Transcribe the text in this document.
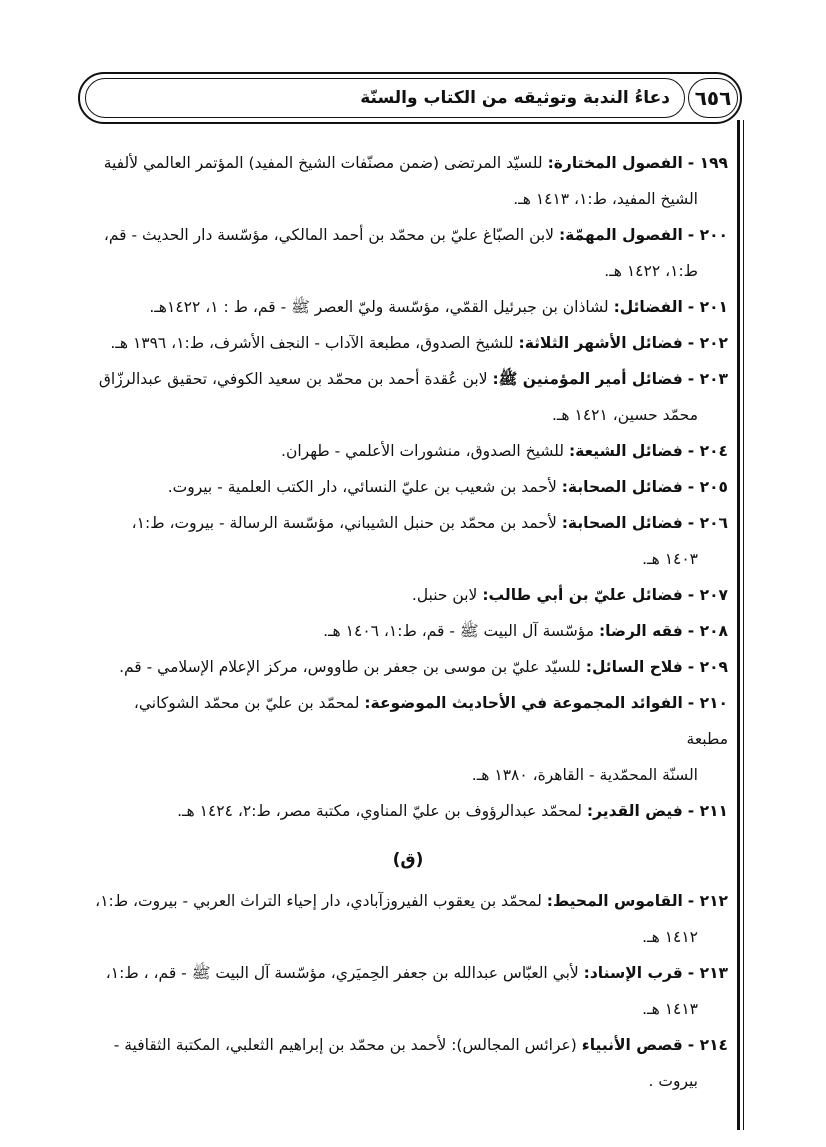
٦٥٦
دعاءُ الندبة وتوثيقه من الكتاب والسنّة

١٩٩ - الفصول المختارة: للسيّد المرتضى (ضمن مصنّفات الشيخ المفيد) المؤتمر العالمي لألفية
الشيخ المفيد، ط:١، ١٤١٣ هـ.

٢٠٠ - الفصول المهمّة: لابن الصبّاغ عليّ بن محمّد بن أحمد المالكي، مؤسّسة دار الحديث - قم،
ط:١، ١٤٢٢ هـ.

٢٠١ - الفضائل: لشاذان بن جبرئيل القمّي، مؤسّسة وليّ العصر ﷺ - قم، ط : ١، ١٤٢٢هـ.

٢٠٢ - فضائل الأشهر الثلاثة: للشيخ الصدوق، مطبعة الآداب - النجف الأشرف، ط:١، ١٣٩٦ هـ.

٢٠٣ - فضائل أمير المؤمنين ﷺ: لابن عُقدة أحمد بن محمّد بن سعيد الكوفي، تحقيق عبدالرزّاق
محمّد حسين، ١٤٢١ هـ.

٢٠٤ - فضائل الشيعة: للشيخ الصدوق، منشورات الأعلمي - طهران.

٢٠٥ - فضائل الصحابة: لأحمد بن شعيب بن عليّ النسائي، دار الكتب العلمية - بيروت.

٢٠٦ - فضائل الصحابة: لأحمد بن محمّد بن حنبل الشيباني، مؤسّسة الرسالة - بيروت، ط:١،
١٤٠٣ هـ.

٢٠٧ - فضائل عليّ بن أبي طالب: لابن حنبل.

٢٠٨ - فقه الرضا: مؤسّسة آل البيت ﷺ - قم، ط:١، ١٤٠٦ هـ.

٢٠٩ - فلاح السائل: للسيّد عليّ بن موسى بن جعفر بن طاووس، مركز الإعلام الإسلامي - قم.

٢١٠ - الفوائد المجموعة في الأحاديث الموضوعة: لمحمّد بن عليّ بن محمّد الشوكاني، مطبعة
السنّة المحمّدية - القاهرة، ١٣٨٠ هـ.

٢١١ - فيض القدير: لمحمّد عبدالرؤوف بن عليّ المناوي، مكتبة مصر، ط:٢، ١٤٢٤ هـ.

(ق)

٢١٢ - القاموس المحيط: لمحمّد بن يعقوب الفيروزآبادي، دار إحياء التراث العربي - بيروت، ط:١،
١٤١٢ هـ.

٢١٣ - قرب الإسناد: لأبي العبّاس عبدالله بن جعفر الحِميَري، مؤسّسة آل البيت ﷺ - قم، ، ط:١،
١٤١٣ هـ.

٢١٤ - قصص الأنبياء (عرائس المجالس): لأحمد بن محمّد بن إبراهيم الثعلبي، المكتبة الثقافية -
بيروت .
